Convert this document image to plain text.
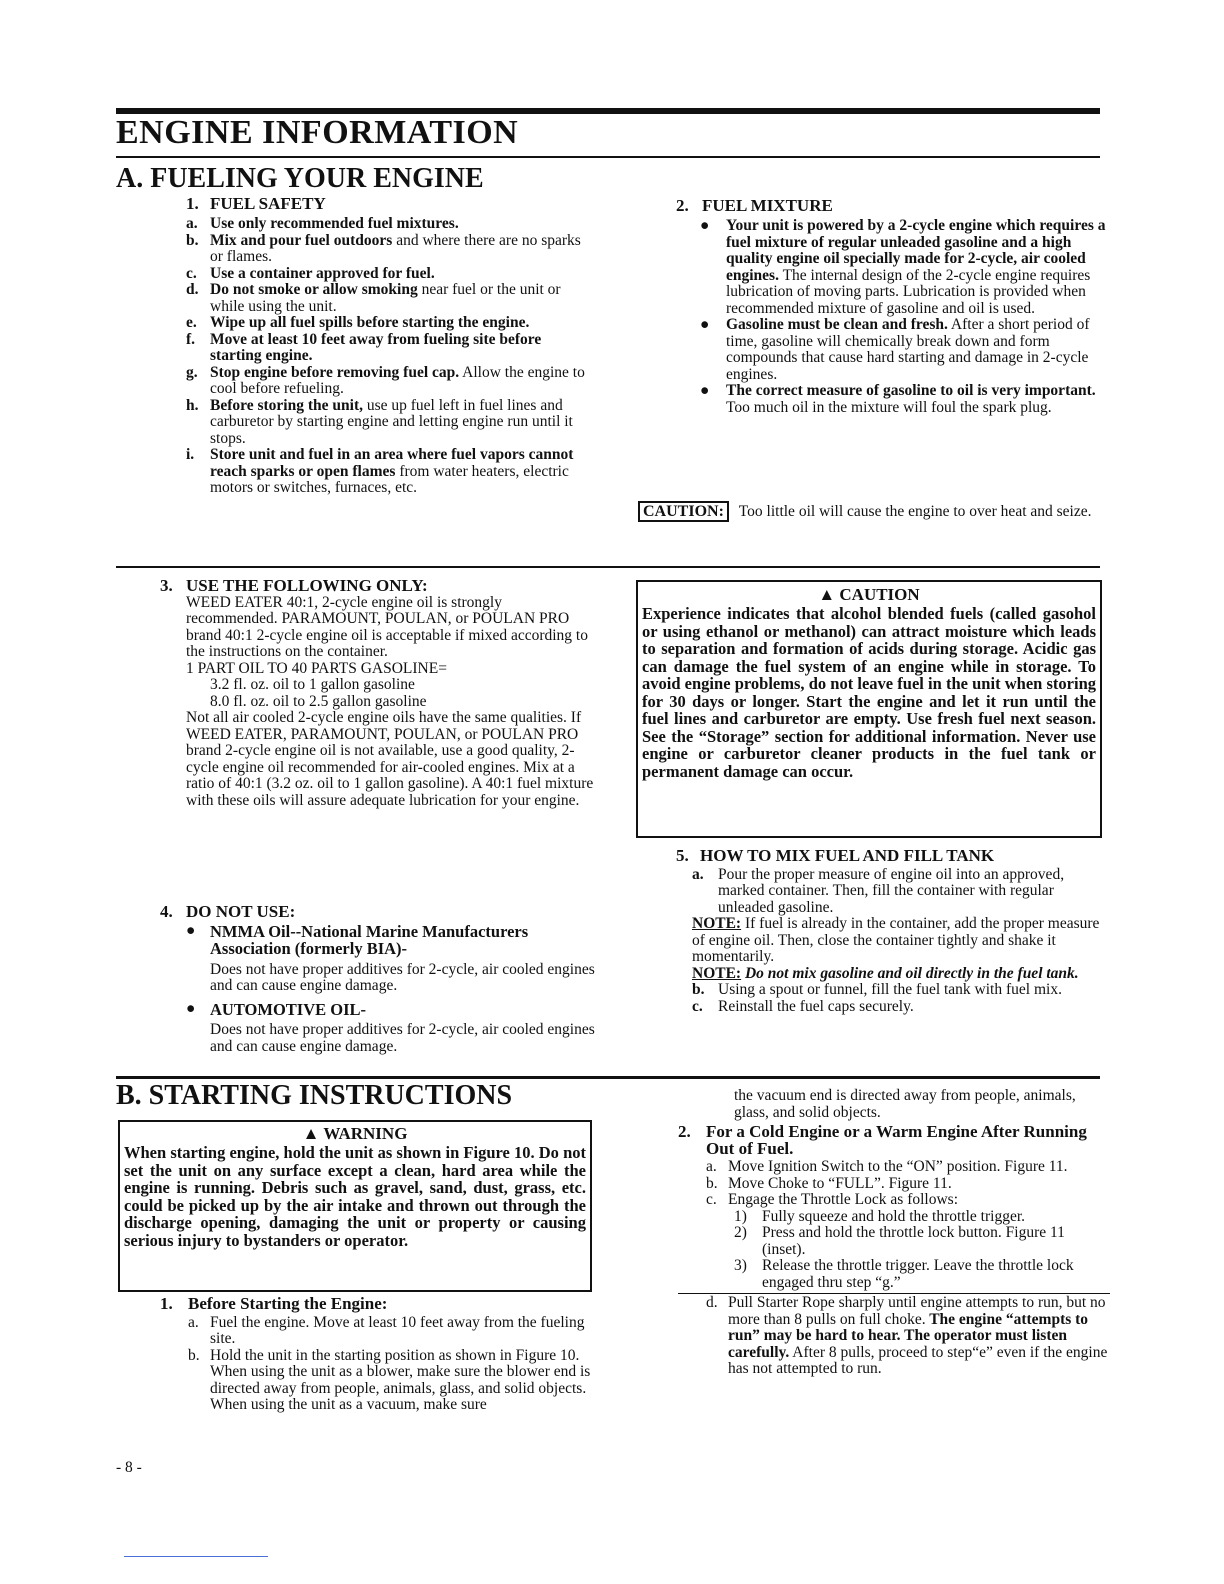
ENGINE INFORMATION
A. FUELING YOUR ENGINE
1. FUEL SAFETY
a. Use only recommended fuel mixtures.
b. Mix and pour fuel outdoors and where there are no sparks or flames.
c. Use a container approved for fuel.
d. Do not smoke or allow smoking near fuel or the unit or while using the unit.
e. Wipe up all fuel spills before starting the engine.
f. Move at least 10 feet away from fueling site before starting engine.
g. Stop engine before removing fuel cap. Allow the engine to cool before refueling.
h. Before storing the unit, use up fuel left in fuel lines and carburetor by starting engine and letting engine run until it stops.
i. Store unit and fuel in an area where fuel vapors cannot reach sparks or open flames from water heaters, electric motors or switches, furnaces, etc.
2. FUEL MIXTURE
● Your unit is powered by a 2-cycle engine which requires a fuel mixture of regular unleaded gasoline and a high quality engine oil specially made for 2-cycle, air cooled engines. The internal design of the 2-cycle engine requires lubrication of moving parts. Lubrication is provided when recommended mixture of gasoline and oil is used.
● Gasoline must be clean and fresh. After a short period of time, gasoline will chemically break down and form compounds that cause hard starting and damage in 2-cycle engines.
● The correct measure of gasoline to oil is very important. Too much oil in the mixture will foul the spark plug.
CAUTION: Too little oil will cause the engine to over heat and seize.
3. USE THE FOLLOWING ONLY:

WEED EATER 40:1, 2-cycle engine oil is strongly recommended. PARAMOUNT, POULAN, or POULAN PRO brand 40:1 2-cycle engine oil is acceptable if mixed according to the instructions on the container.

1 PART OIL TO 40 PARTS GASOLINE=

3.2 fl. oz. oil to 1 gallon gasoline

8.0 fl. oz. oil to 2.5 gallon gasoline

Not all air cooled 2-cycle engine oils have the same qualities. If WEED EATER, PARAMOUNT, POULAN, or POULAN PRO brand 2-cycle engine oil is not available, use a good quality, 2-cycle engine oil recommended for air-cooled engines. Mix at a ratio of 40:1 (3.2 oz. oil to 1 gallon gasoline). A 40:1 fuel mixture with these oils will assure adequate lubrication for your engine.

4. DO NOT USE:
● NMMA Oil--National Marine Manufacturers Association (formerly BIA)-

Does not have proper additives for 2-cycle, air cooled engines and can cause engine damage.

● AUTOMOTIVE OIL-

Does not have proper additives for 2-cycle, air cooled engines and can cause engine damage.

▲ CAUTION

Experience indicates that alcohol blended fuels (called gasohol or using ethanol or methanol) can attract moisture which leads to separation and formation of acids during storage. Acidic gas can damage the fuel system of an engine while in storage. To avoid engine problems, do not leave fuel in the unit when storing for 30 days or longer. Start the engine and let it run until the fuel lines and carburetor are empty. Use fresh fuel next season. See the “Storage” section for additional information. Never use engine or carburetor cleaner products in the fuel tank or permanent damage can occur.

5. HOW TO MIX FUEL AND FILL TANK
a. Pour the proper measure of engine oil into an approved, marked container. Then, fill the container with regular unleaded gasoline.

NOTE: If fuel is already in the container, add the proper measure of engine oil. Then, close the container tightly and shake it momentarily.

NOTE: Do not mix gasoline and oil directly in the fuel tank.

b. Using a spout or funnel, fill the fuel tank with fuel mix.

c. Reinstall the fuel caps securely.

B. STARTING INSTRUCTIONS
▲ WARNING

When starting engine, hold the unit as shown in Figure 10. Do not set the unit on any surface except a clean, hard area while the engine is running. Debris such as gravel, sand, dust, grass, etc. could be picked up by the air intake and thrown out through the discharge opening, damaging the unit or property or causing serious injury to bystanders or operator.

1. Before Starting the Engine:
a. Fuel the engine. Move at least 10 feet away from the fueling site.

b. Hold the unit in the starting position as shown in Figure 10. When using the unit as a blower, make sure the blower end is directed away from people, animals, glass, and solid objects. When using the unit as a vacuum, make sure

the vacuum end is directed away from people, animals, glass, and solid objects.
2. For a Cold Engine or a Warm Engine After Running Out of Fuel.
a. Move Ignition Switch to the “ON” position. Figure 11.

b. Move Choke to “FULL”. Figure 11.

c. Engage the Throttle Lock as follows:

1) Fully squeeze and hold the throttle trigger.

2) Press and hold the throttle lock button. Figure 11 (inset).

3) Release the throttle trigger. Leave the throttle lock engaged thru step “g.”

d. Pull Starter Rope sharply until engine attempts to run, but no more than 8 pulls on full choke. The engine “attempts to run” may be hard to hear. The operator must listen carefully. After 8 pulls, proceed to step“e” even if the engine has not attempted to run.

- 8 -
